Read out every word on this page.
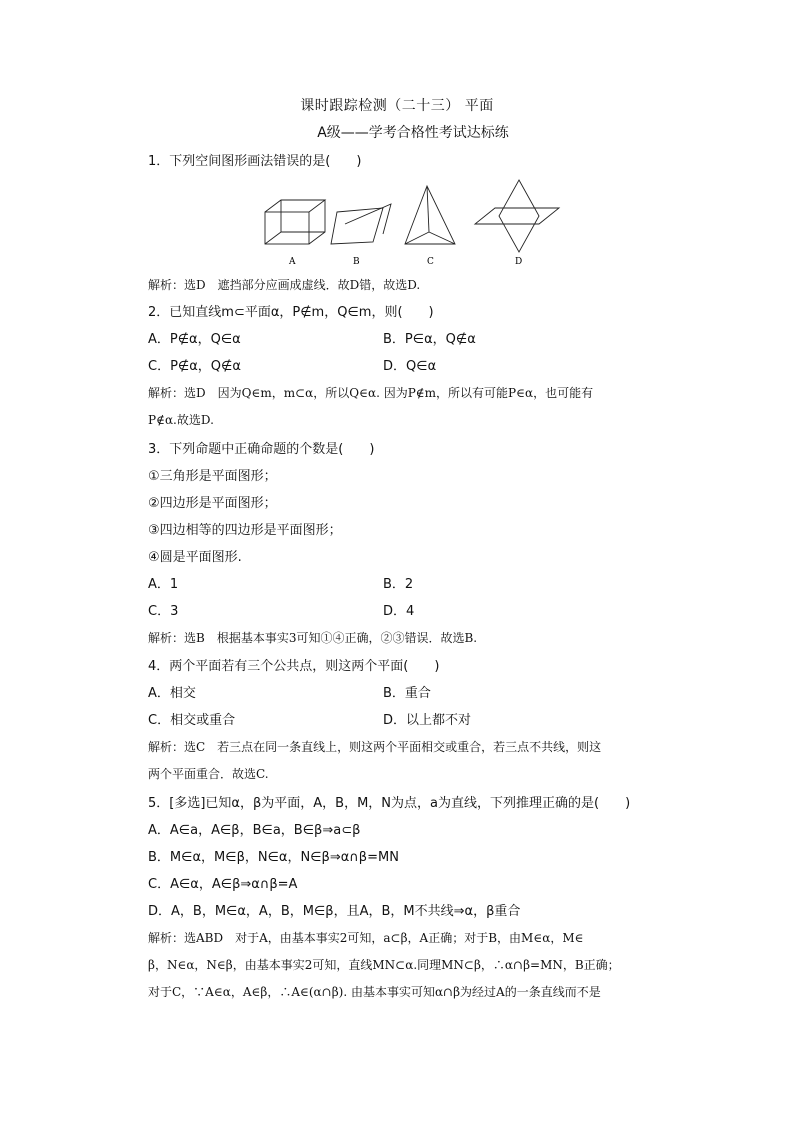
课时跟踪检测（二十三） 平面
A级——学考合格性考试达标练
1．下列空间图形画法错误的是(　　)
A	B	C	D
解析：选D　遮挡部分应画成虚线．故D错，故选D.
2．已知直线m⊂平面α，P∉m，Q∈m，则(　　)
A．P∉α，Q∈α	B．P∈α，Q∉α
C．P∉α，Q∉α	D．Q∈α
解析：选D　因为Q∈m，m⊂α，所以Q∈α. 因为P∉m，所以有可能P∈α，也可能有
P∉α.故选D.
3．下列命题中正确命题的个数是(　　)
①三角形是平面图形；
②四边形是平面图形；
③四边相等的四边形是平面图形；
④圆是平面图形.
A．1	B．2
C．3	D．4
解析：选B　根据基本事实3可知①④正确，②③错误．故选B.
4．两个平面若有三个公共点，则这两个平面(　　)
A．相交	B．重合
C．相交或重合	D．以上都不对
解析：选C　若三点在同一条直线上，则这两个平面相交或重合，若三点不共线，则这
两个平面重合．故选C.
5．[多选]已知α，β为平面，A，B，M，N为点，a为直线，下列推理正确的是(　　)
A．A∈a，A∈β，B∈a，B∈β⇒a⊂β
B．M∈α，M∈β，N∈α，N∈β⇒α∩β=MN
C．A∈α，A∈β⇒α∩β=A
D．A，B，M∈α，A，B，M∈β，且A，B，M不共线⇒α，β重合
解析：选ABD　对于A，由基本事实2可知，a⊂β，A正确；对于B，由M∈α，M∈
β，N∈α，N∈β，由基本事实2可知，直线MN⊂α.同理MN⊂β，∴α∩β=MN，B正确；
对于C，∵A∈α，A∈β，∴A∈(α∩β). 由基本事实可知α∩β为经过A的一条直线而不是
